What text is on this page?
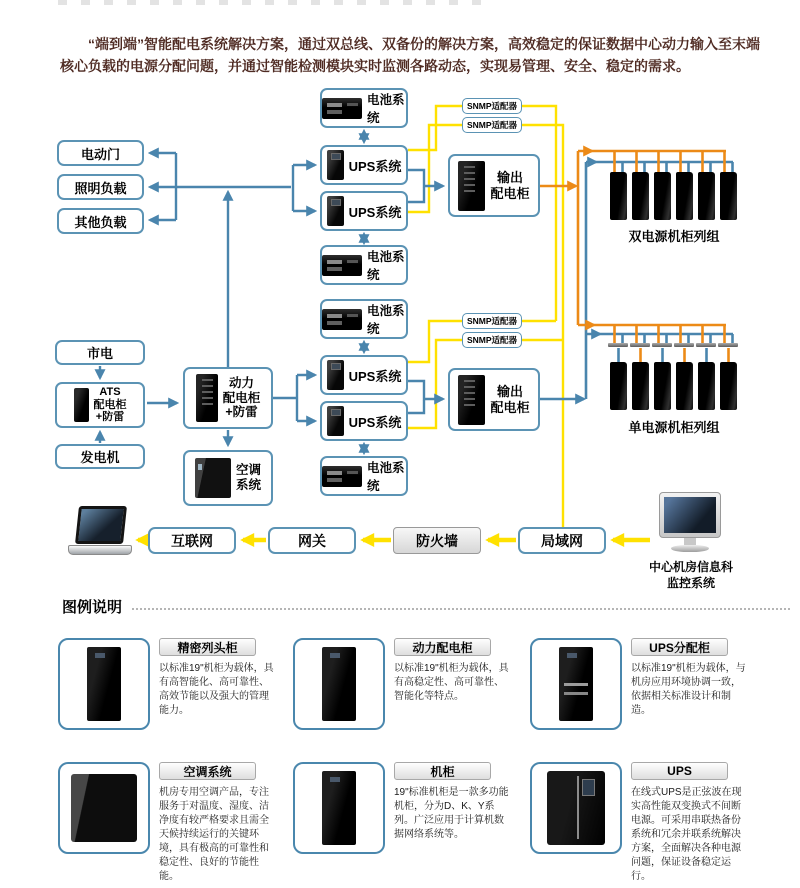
“端到端”智能配电系统解决方案，通过双总线、双备份的解决方案，高效稳定的保证数据中心动力输入至末端核心负载的电源分配问题，并通过智能检测模块实时监测各路动态，实现易管理、安全、稳定的需求。

电动门
照明负载
其他负载
电池系统
UPS系统
UPS系统
电池系统
电池系统
UPS系统
UPS系统
电池系统
SNMP适配器
SNMP适配器
SNMP适配器
SNMP适配器
输出
配电柜
输出
配电柜
市电
ATS
配电柜
+防雷
发电机
动力
配电柜
+防雷
空调
系统
双电源机柜列组
单电源机柜列组
互联网	网关	防火墙	局域网
中心机房信息科
监控系统
图例说明
精密列头柜
以标准19"机柜为载体，具有高智能化、高可靠性、高效节能以及强大的管理能力。
动力配电柜
以标准19"机柜为载体，具有高稳定性、高可靠性、智能化等特点。
UPS分配柜
以标准19"机柜为载体，与机房应用环境协调一致，依据相关标准设计和制造。
空调系统
机房专用空调产品，专注服务于对温度、湿度、洁净度有较严格要求且需全天候持续运行的关键环境，具有极高的可靠性和稳定性、良好的节能性能。
机柜
19"标准机柜是一款多功能机柜，分为D、K、Y系列。广泛应用于计算机数据网络系统等。
UPS
在线式UPS是正弦波在现实高性能双变换式不间断电源。可采用串联热备份系统和冗余并联系统解决方案，全面解决各种电源问题，保证设备稳定运行。
